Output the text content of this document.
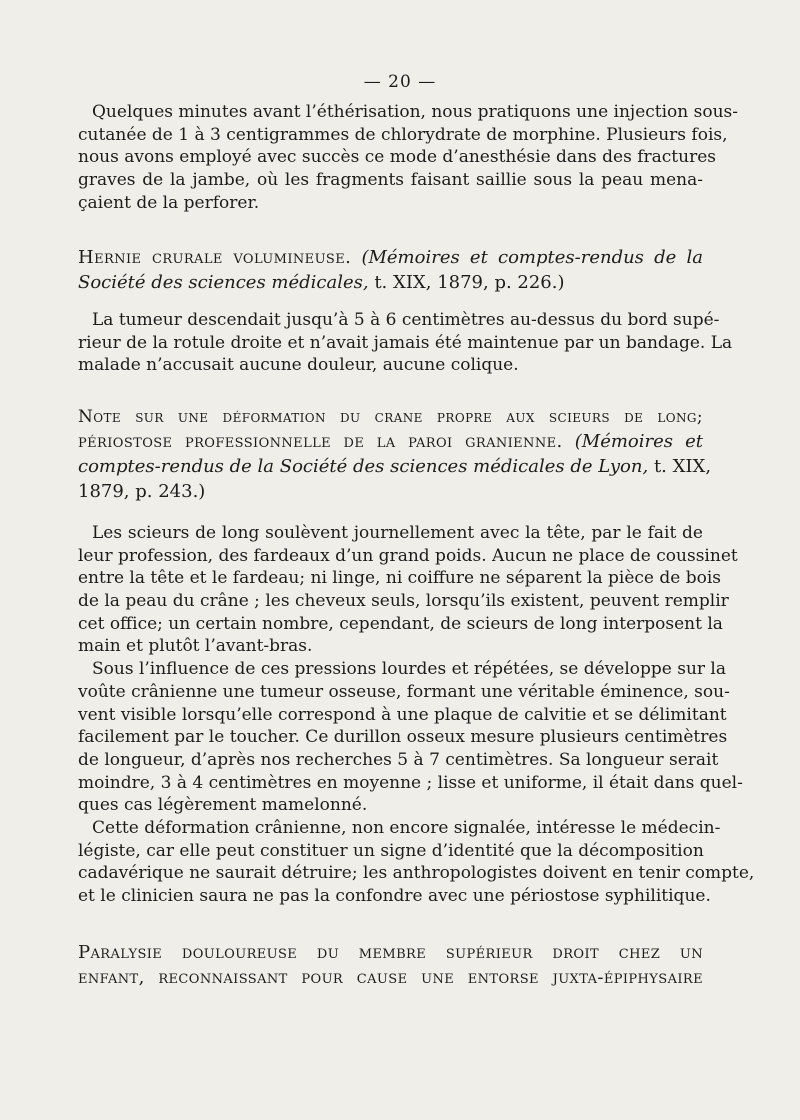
— 20 —
Quelques minutes avant l’éthérisation, nous pratiquons une injection sous-
cutanée de 1 à 3 centigrammes de chlorydrate de morphine. Plusieurs fois,
nous avons employé avec succès ce mode d’anesthésie dans des fractures
graves de la jambe, où les fragments faisant saillie sous la peau mena-
çaient de la perforer.
Hernie crurale volumineuse. (Mémoires et comptes-rendus de la
Société des sciences médicales, t. XIX, 1879, p. 226.)
La tumeur descendait jusqu’à 5 à 6 centimètres au-dessus du bord supé-
rieur de la rotule droite et n’avait jamais été maintenue par un bandage. La
malade n’accusait aucune douleur, aucune colique.
Note sur une déformation du crane propre aux scieurs de long;
périostose professionnelle de la paroi granienne. (Mémoires et
comptes-rendus de la Société des sciences médicales de Lyon, t. XIX,
1879, p. 243.)
Les scieurs de long soulèvent journellement avec la tête, par le fait de
leur profession, des fardeaux d’un grand poids. Aucun ne place de coussinet
entre la tête et le fardeau; ni linge, ni coiffure ne séparent la pièce de bois
de la peau du crâne ; les cheveux seuls, lorsqu’ils existent, peuvent remplir
cet office; un certain nombre, cependant, de scieurs de long interposent la
main et plutôt l’avant-bras.
Sous l’influence de ces pressions lourdes et répétées, se développe sur la
voûte crânienne une tumeur osseuse, formant une véritable éminence, sou-
vent visible lorsqu’elle correspond à une plaque de calvitie et se délimitant
facilement par le toucher. Ce durillon osseux mesure plusieurs centimètres
de longueur, d’après nos recherches 5 à 7 centimètres. Sa longueur serait
moindre, 3 à 4 centimètres en moyenne ; lisse et uniforme, il était dans quel-
ques cas légèrement mamelonné.
Cette déformation crânienne, non encore signalée, intéresse le médecin-
légiste, car elle peut constituer un signe d’identité que la décomposition
cadavérique ne saurait détruire; les anthropologistes doivent en tenir compte,
et le clinicien saura ne pas la confondre avec une périostose syphilitique.
Paralysie douloureuse du membre supérieur droit chez un
enfant, reconnaissant pour cause une entorse juxta-épiphysaire
